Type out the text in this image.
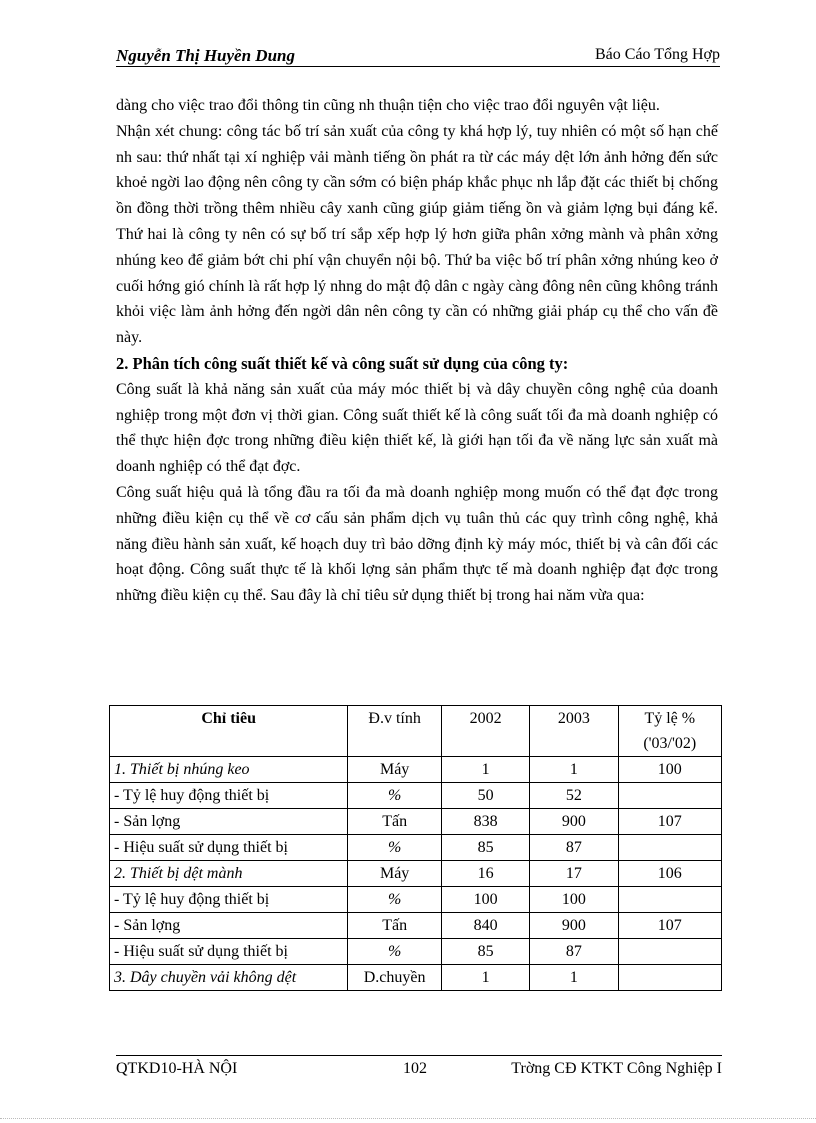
Nguyễn Thị Huyền Dung	Báo Cáo Tổng Hợp

dàng cho việc trao đổi thông tin cũng nh thuận tiện cho việc trao đổi nguyên vật liệu.

Nhận xét chung: công tác bố trí sản xuất của công ty khá hợp lý, tuy nhiên có một số hạn chế nh sau: thứ nhất tại xí nghiệp vải mành tiếng ồn phát ra từ các máy dệt lớn ảnh hởng đến sức khoẻ ngời lao động nên công ty cần sớm có biện pháp khắc phục nh lắp đặt các thiết bị chống ồn đồng thời trồng thêm nhiều cây xanh cũng giúp giảm tiếng ồn và giảm lợng bụi đáng kể. Thứ hai là công ty nên có sự bố trí sắp xếp hợp lý hơn giữa phân xởng mành và phân xởng nhúng keo để giảm bớt chi phí vận chuyển nội bộ. Thứ ba việc bố trí phân xởng nhúng keo ở cuối hớng gió chính là rất hợp lý nhng do mật độ dân c ngày càng đông nên cũng không tránh khỏi việc làm ảnh hởng đến ngời dân nên công ty cần có những giải pháp cụ thể cho vấn đề này.

2. Phân tích công suất thiết kế và công suất sử dụng của công ty:

Công suất là khả năng sản xuất của máy móc thiết bị và dây chuyền công nghệ của doanh nghiệp trong một đơn vị thời gian. Công suất thiết kế là công suất tối đa mà doanh nghiệp có thể thực hiện đợc trong những điều kiện thiết kế, là giới hạn tối đa về năng lực sản xuất mà doanh nghiệp có thể đạt đợc.

Công suất hiệu quả là tổng đầu ra tối đa mà doanh nghiệp mong muốn có thể đạt đợc trong những điều kiện cụ thể về cơ cấu sản phẩm dịch vụ tuân thủ các quy trình công nghệ, khả năng điều hành sản xuất, kế hoạch duy trì bảo dỡng định kỳ máy móc, thiết bị và cân đối các hoạt động. Công suất thực tế là khối lợng sản phẩm thực tế mà doanh nghiệp đạt đợc trong những điều kiện cụ thể. Sau đây là chỉ tiêu sử dụng thiết bị trong hai năm vừa qua:

Chỉ tiêu	Đ.v tính	2002	2003	Tỷ lệ %
('03/'02)
1. Thiết bị nhúng keo	Máy	1	1	100
- Tỷ lệ huy động thiết bị	%	50	52	
- Sản lợng	Tấn	838	900	107
- Hiệu suất sử dụng thiết bị	%	85	87	
2. Thiết bị dệt mành	Máy	16	17	106
- Tỷ lệ huy động thiết bị	%	100	100	
- Sản lợng	Tấn	840	900	107
- Hiệu suất sử dụng thiết bị	%	85	87	
3. Dây chuyền vải không dệt	D.chuyền	1	1	
QTKD10-HÀ NỘI	102	Trờng CĐ KTKT Công Nghiệp I
